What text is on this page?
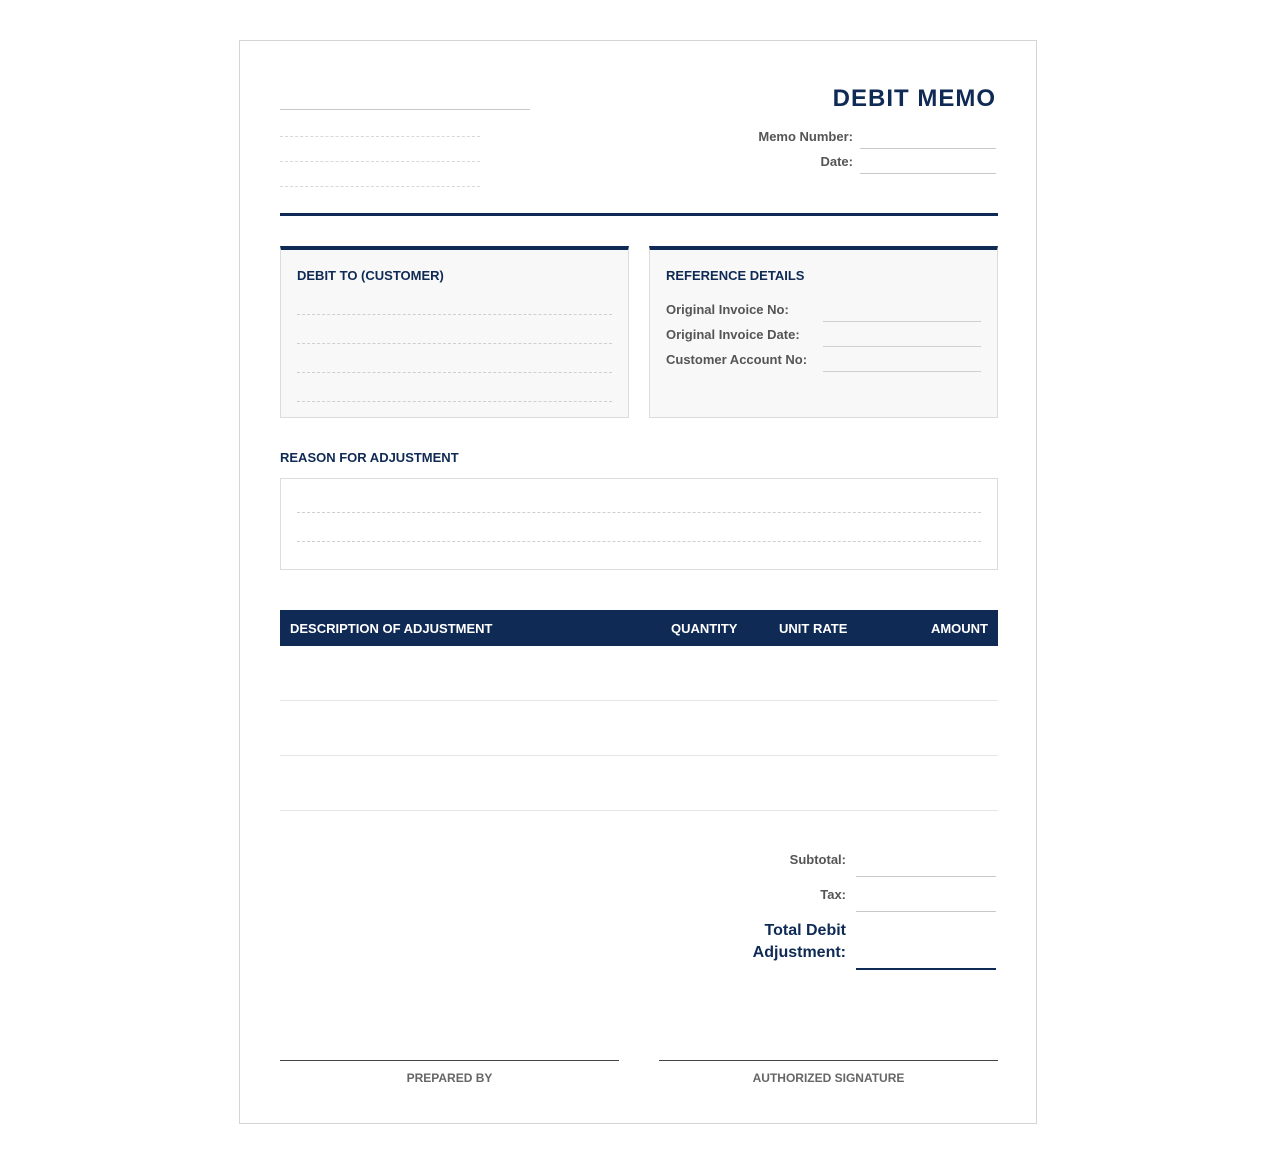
DEBIT MEMO
Memo Number:
Date:
DEBIT TO (CUSTOMER)	REFERENCE DETAILS
Original Invoice No:
Original Invoice Date:
Customer Account No:
REASON FOR ADJUSTMENT
DESCRIPTION OF ADJUSTMENT	QUANTITY	UNIT RATE	AMOUNT
Subtotal:
Tax:
Total Debit Adjustment:
PREPARED BY	AUTHORIZED SIGNATURE
